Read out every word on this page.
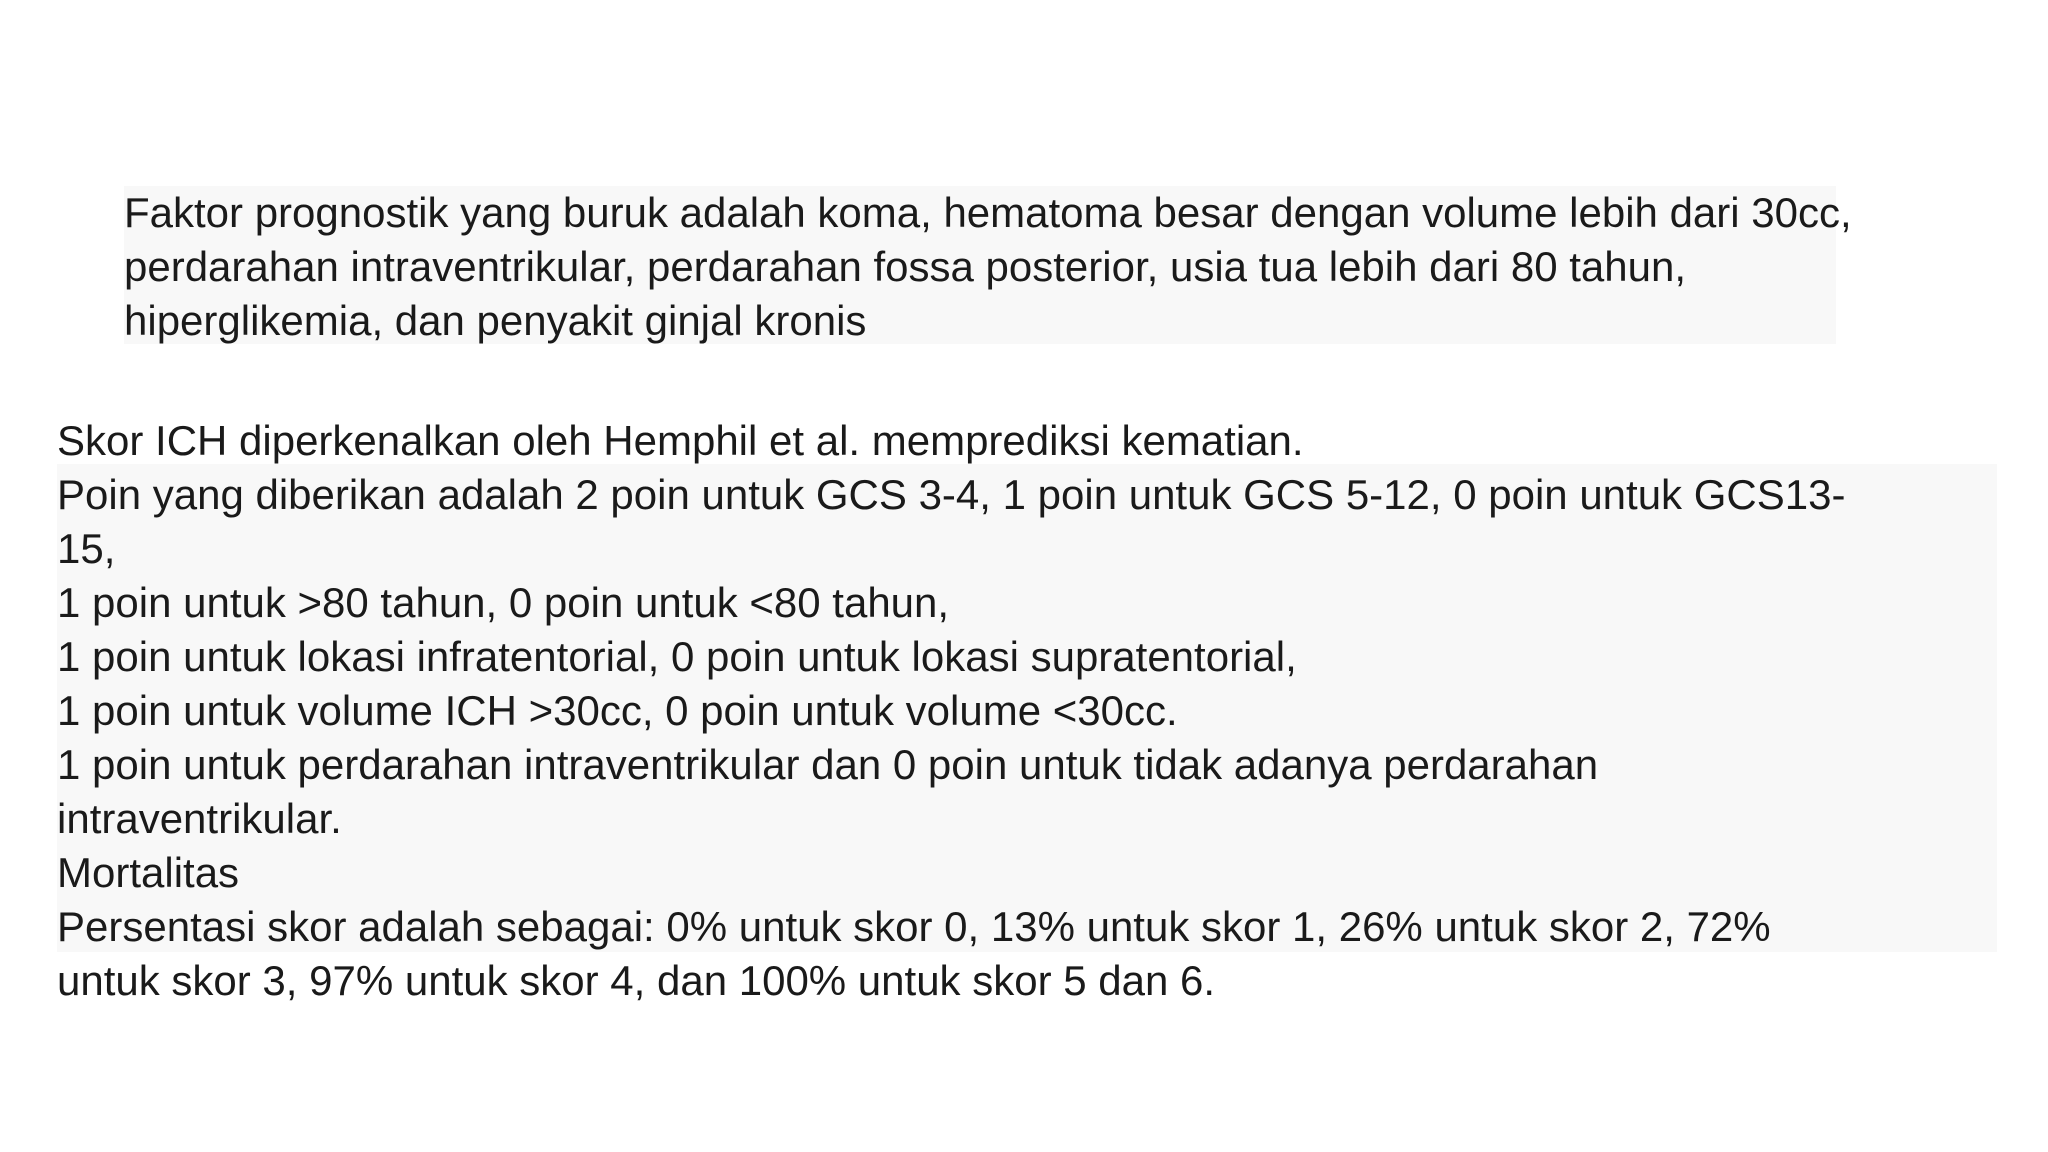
Faktor prognostik yang buruk adalah koma, hematoma besar dengan volume lebih dari 30cc,
perdarahan intraventrikular, perdarahan fossa posterior, usia tua lebih dari 80 tahun,
hiperglikemia, dan penyakit ginjal kronis
Skor ICH diperkenalkan oleh Hemphil et al. memprediksi kematian.
Poin yang diberikan adalah 2 poin untuk GCS 3-4, 1 poin untuk GCS 5-12, 0 poin untuk GCS13-
15,
1 poin untuk >80 tahun, 0 poin untuk <80 tahun,
1 poin untuk lokasi infratentorial, 0 poin untuk lokasi supratentorial,
1 poin untuk volume ICH >30cc, 0 poin untuk volume <30cc.
1 poin untuk perdarahan intraventrikular dan 0 poin untuk tidak adanya perdarahan
intraventrikular.
Mortalitas
Persentasi skor adalah sebagai: 0% untuk skor 0, 13% untuk skor 1, 26% untuk skor 2, 72%
untuk skor 3, 97% untuk skor 4, dan 100% untuk skor 5 dan 6.
